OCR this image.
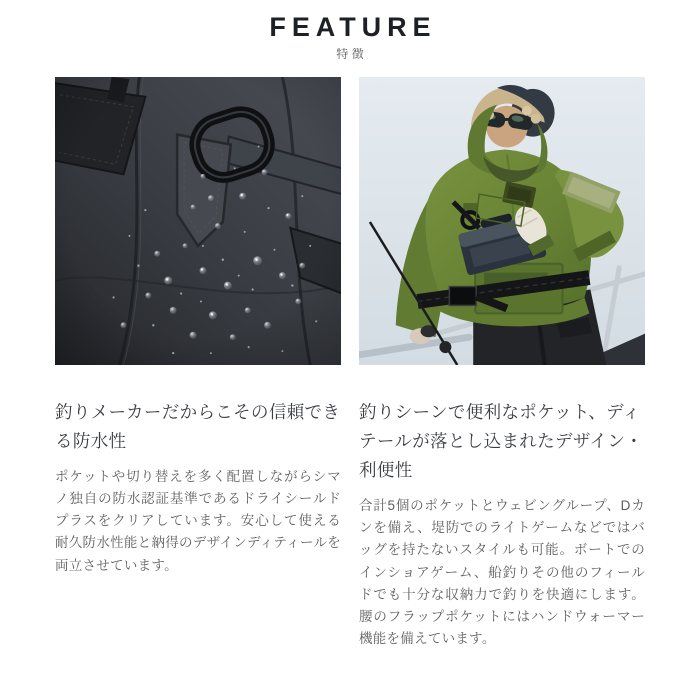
FEATURE

特徴

釣りメーカーだからこその信頼できる防水性

ポケットや切り替えを多く配置しながらシマノ独自の防水認証基準であるドライシールドプラスをクリアしています。安心して使える耐久防水性能と納得のデザインディティールを両立させています。

釣りシーンで便利なポケット、ディテールが落とし込まれたデザイン・利便性

合計5個のポケットとウェビングループ、Dカンを備え、堤防でのライトゲームなどではバッグを持たないスタイルも可能。ボートでのインショアゲーム、船釣りその他のフィールドでも十分な収納力で釣りを快適にします。腰のフラップポケットにはハンドウォーマー機能を備えています。
